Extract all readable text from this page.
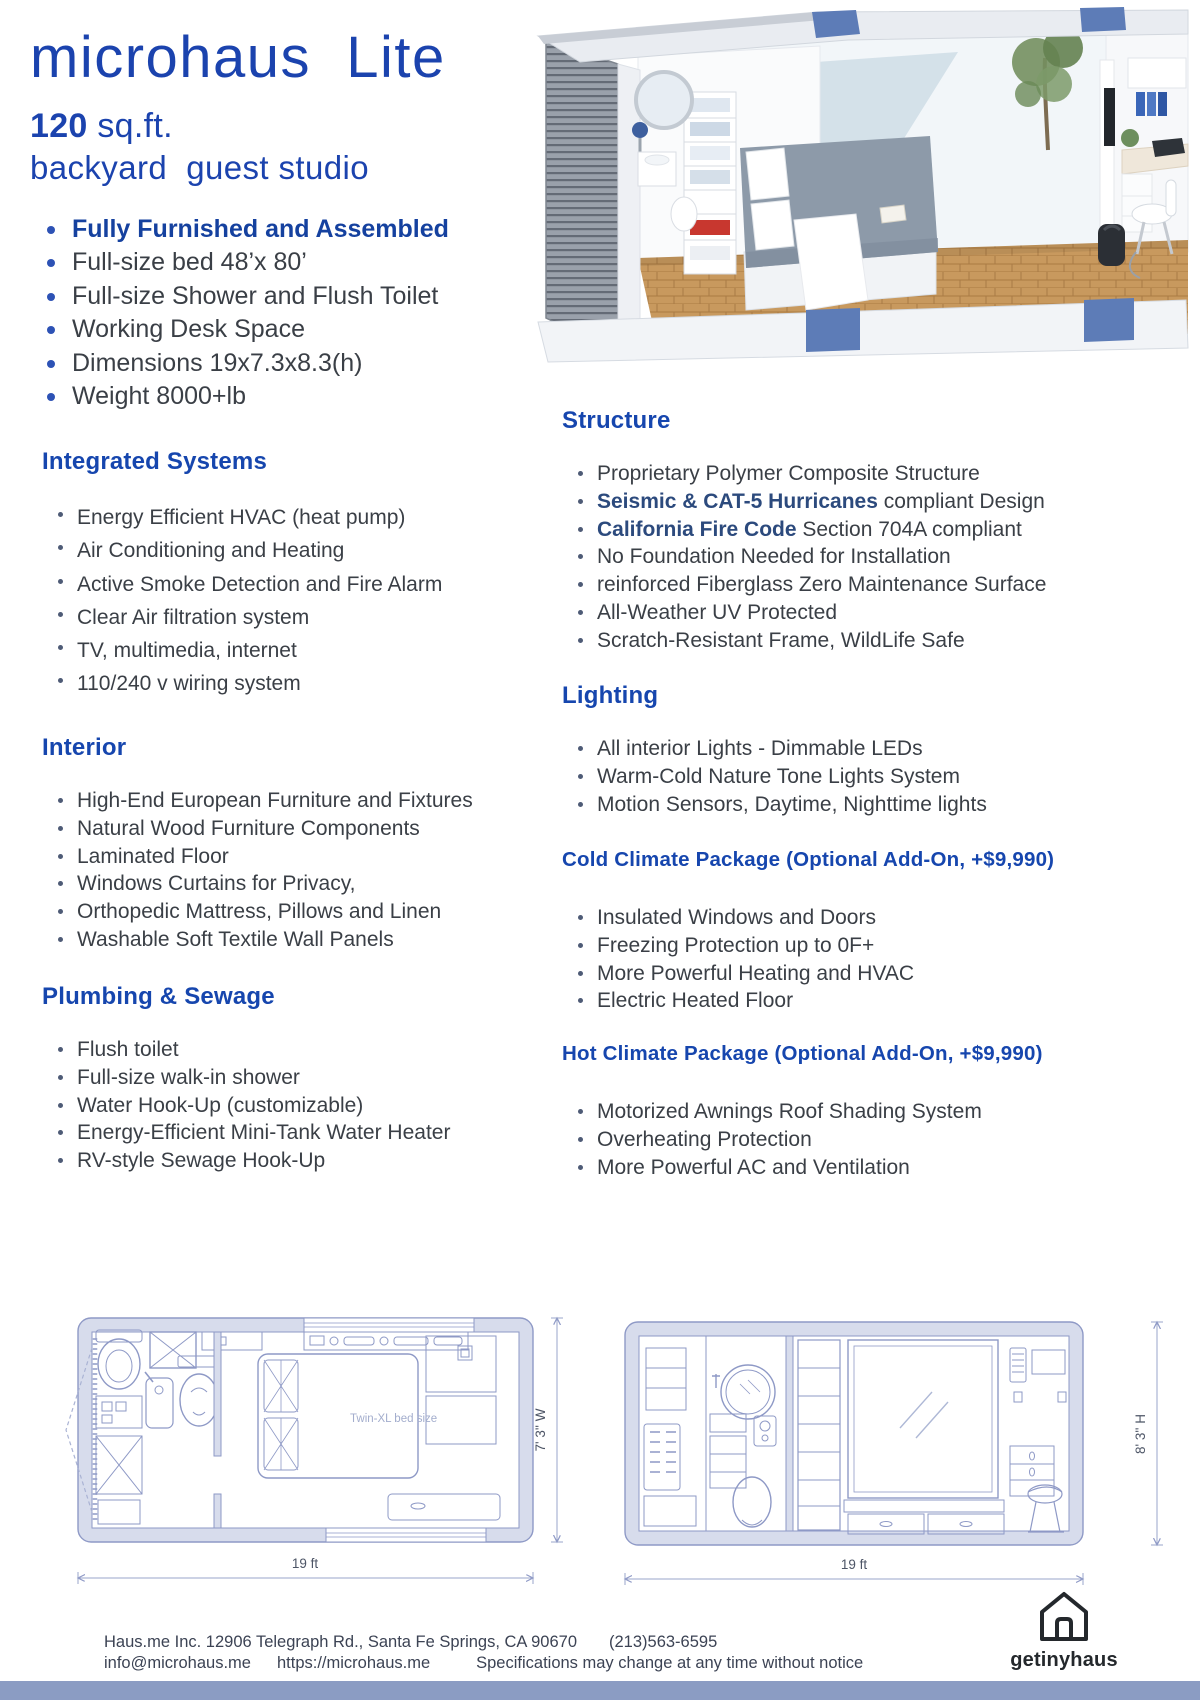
microhaus  Lite
120 sq.ft.
backyard  guest studio
Fully Furnished and Assembled
Full-size bed 48’x 80’
Full-size Shower and Flush Toilet
Working Desk Space
Dimensions 19x7.3x8.3(h)
Weight 8000+lb
Integrated Systems
Energy Efficient HVAC (heat pump)
Air Conditioning and Heating
Active Smoke Detection and Fire Alarm
Clear Air filtration system
TV, multimedia, internet
110/240 v wiring system
Interior
High-End European Furniture and Fixtures
Natural Wood Furniture Components
Laminated Floor
Windows Curtains for Privacy,
Orthopedic Mattress, Pillows and Linen
Washable Soft Textile Wall Panels
Plumbing & Sewage
Flush toilet
Full-size walk-in shower
Water Hook-Up (customizable)
Energy-Efficient Mini-Tank Water Heater
RV-style Sewage Hook-Up
Structure
Proprietary Polymer Composite Structure
Seismic & CAT-5 Hurricanes compliant Design
California Fire Code Section 704A compliant
No Foundation Needed for Installation
reinforced Fiberglass Zero Maintenance Surface
All-Weather UV Protected
Scratch-Resistant Frame, WildLife Safe
Lighting
All interior Lights - Dimmable LEDs
Warm-Cold Nature Tone Lights System
Motion Sensors, Daytime, Nighttime lights
Cold Climate Package (Optional Add-On, +$9,990)
Insulated Windows and Doors
Freezing Protection up to 0F+
More Powerful Heating and HVAC
Electric Heated Floor
Hot Climate Package (Optional Add-On, +$9,990)
Motorized Awnings Roof Shading System
Overheating Protection
More Powerful AC and Ventilation
Twin-XL bed size
19 ft
7' 3'' W
19 ft
8' 3'' H
getinyhaus
Haus.me Inc. 12906 Telegraph Rd., Santa Fe Springs, CA 90670 (213)563-6595
info@microhaus.me https://microhaus.me	Specifications may change at any time without notice
